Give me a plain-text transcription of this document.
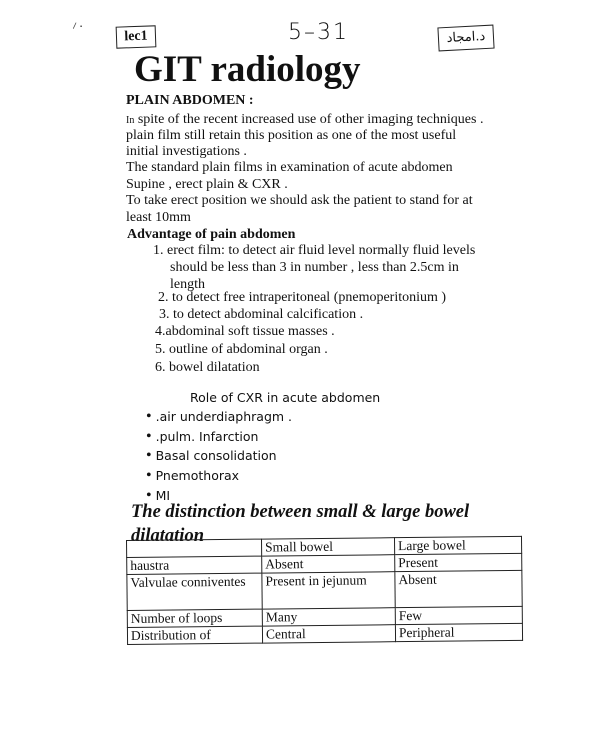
⸍·	lec1	5–31	د.امجاد
GIT radiology
PLAIN ABDOMEN :
In spite of the recent increased use of other imaging techniques .
plain film still retain this position as one of the most useful
initial investigations .
The standard plain films in examination of acute abdomen
Supine , erect plain & CXR .
To take erect position we should ask the patient to stand for at
least 10mm
Advantage of pain abdomen
1. erect film: to detect air fluid level normally fluid levels
should be less than 3 in number , less than 2.5cm in
length
2. to detect free intraperitoneal (pnemoperitonium )
3. to detect abdominal calcification .
4.abdominal soft tissue masses .
5. outline of abdominal organ .
6. bowel dilatation
Role of CXR in acute abdomen
• .air underdiaphragm .
• .pulm. Infarction
• Basal consolidation
• Pnemothorax
• MI
The distinction between small & large bowel dilatation
	Small bowel	Large bowel
haustra	Absent	Present
Valvulae conniventes	Present in jejunum	Absent
Number of loops	Many	Few
Distribution of	Central	Peripheral
